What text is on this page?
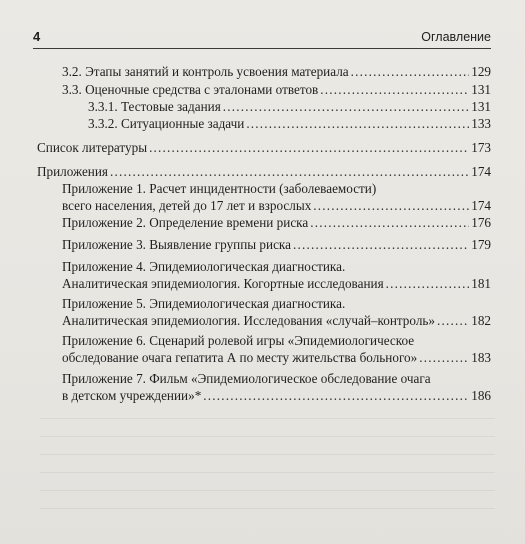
4	Оглавление
3.2. Этапы занятий и контроль усвоения материала .....	129
3.3. Оценочные средства с эталонами ответов .....	131
3.3.1. Тестовые задания .....	131
3.3.2. Ситуационные задачи .....	133
Список литературы .....	173
Приложения .....	174
Приложение 1. Расчет инцидентности (заболеваемости)
всего населения, детей до 17 лет и взрослых .....	174
Приложение 2. Определение времени риска .....	176
Приложение 3. Выявление группы риска .....	179
Приложение 4. Эпидемиологическая диагностика.
Аналитическая эпидемиология. Когортные исследования .....	181
Приложение 5. Эпидемиологическая диагностика.
Аналитическая эпидемиология. Исследования «случай–контроль» .....	182
Приложение 6. Сценарий ролевой игры «Эпидемиологическое
обследование очага гепатита А по месту жительства больного» .....	183
Приложение 7. Фильм «Эпидемиологическое обследование очага
в детском учреждении»* .....	186
